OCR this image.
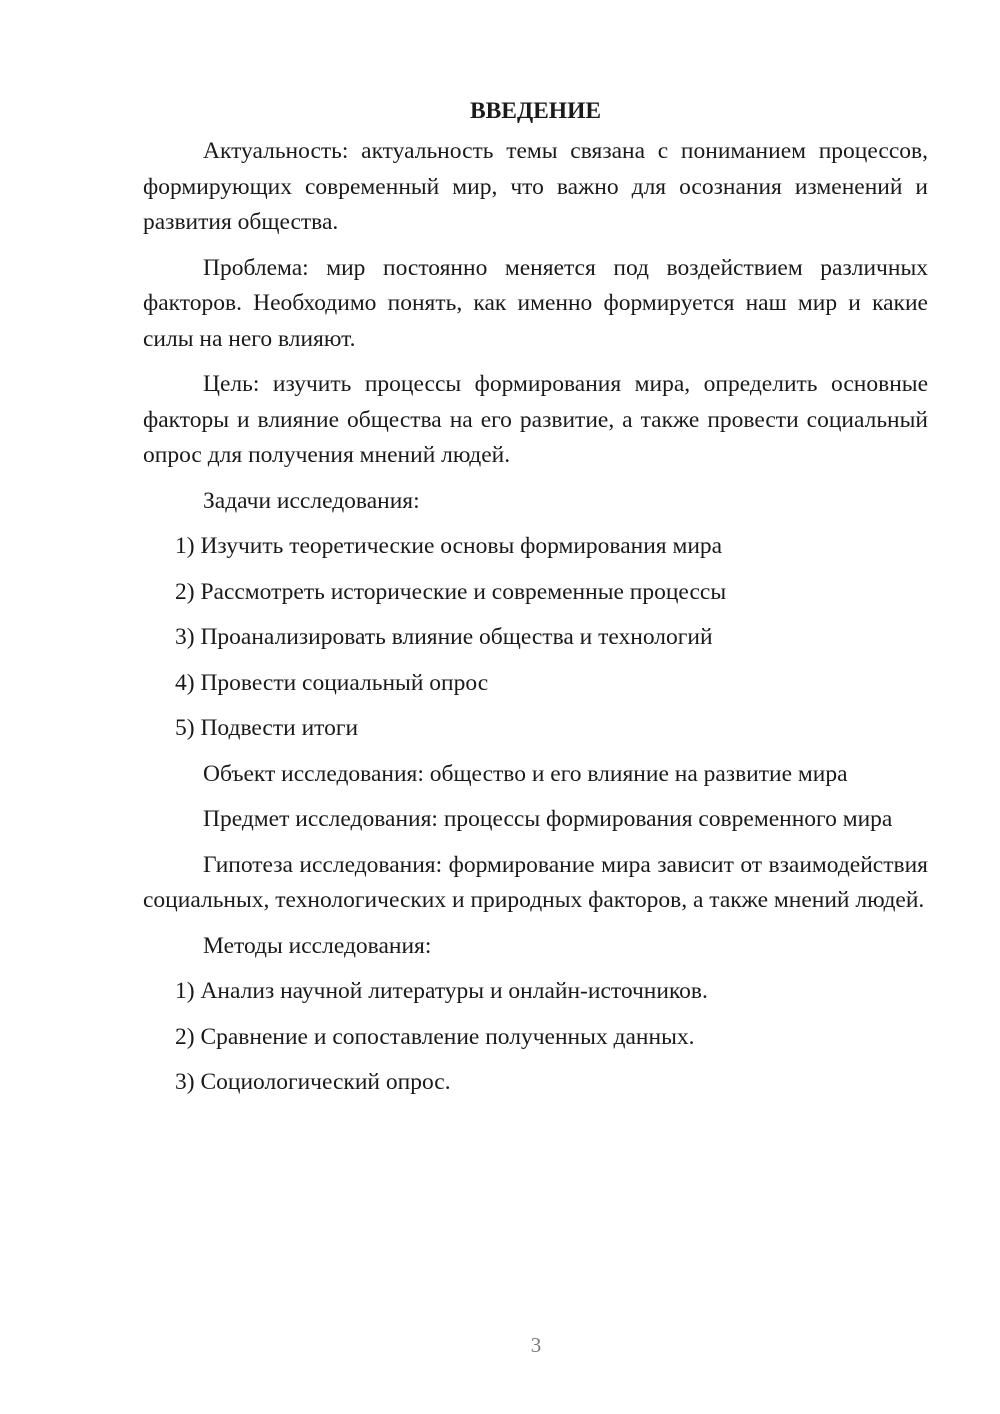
ВВЕДЕНИЕ

Актуальность: актуальность темы связана с пониманием процессов, формирующих современный мир, что важно для осознания изменений и развития общества.

Проблема: мир постоянно меняется под воздействием различных факторов. Необходимо понять, как именно формируется наш мир и какие силы на него влияют.

Цель: изучить процессы формирования мира, определить основные факторы и влияние общества на его развитие, а также провести социальный опрос для получения мнений людей.

Задачи исследования:

1) Изучить теоретические основы формирования мира

2) Рассмотреть исторические и современные процессы

3) Проанализировать влияние общества и технологий

4) Провести социальный опрос

5) Подвести итоги

Объект исследования: общество и его влияние на развитие мира

Предмет исследования: процессы формирования современного мира

Гипотеза исследования: формирование мира зависит от взаимодействия социальных, технологических и природных факторов, а также мнений людей.

Методы исследования:

1) Анализ научной литературы и онлайн-источников.

2) Сравнение и сопоставление полученных данных.

3) Социологический опрос.

3
